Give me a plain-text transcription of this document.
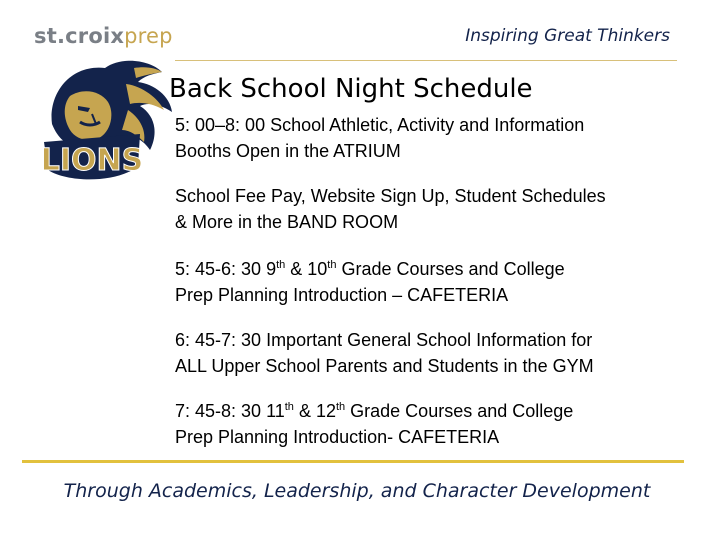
st.croixprep	Inspiring Great Thinkers
LIONS
Back School Night Schedule
5: 00–8: 00 School Athletic, Activity and Information
Booths Open in the ATRIUM
School Fee Pay, Website Sign Up, Student Schedules
& More in the BAND ROOM
5: 45-6: 30 9th & 10th Grade Courses and College
Prep Planning Introduction – CAFETERIA
6: 45-7: 30 Important General School Information for
ALL Upper School Parents and Students in the GYM
7: 45-8: 30 11th & 12th Grade Courses and College
Prep Planning Introduction- CAFETERIA
Through Academics, Leadership, and Character Development
